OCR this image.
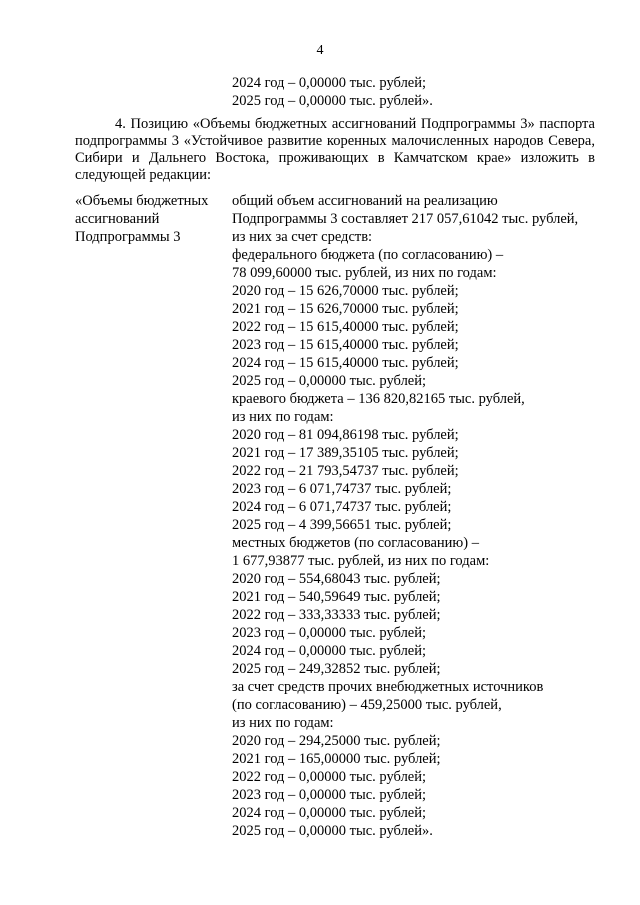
4
2024 год – 0,00000 тыс. рублей;
2025 год – 0,00000 тыс. рублей».
4. Позицию «Объемы бюджетных ассигнований Подпрограммы 3» паспорта подпрограммы 3 «Устойчивое развитие коренных малочисленных народов Севера, Сибири и Дальнего Востока, проживающих в Камчатском крае» изложить в следующей редакции:
«Объемы бюджетных
ассигнований
Подпрограммы 3
общий объем ассигнований на реализацию
Подпрограммы 3 составляет 217 057,61042 тыс. рублей,
из них за счет средств:
федерального бюджета (по согласованию) –
78 099,60000 тыс. рублей, из них по годам:
2020 год – 15 626,70000 тыс. рублей;
2021 год – 15 626,70000 тыс. рублей;
2022 год – 15 615,40000 тыс. рублей;
2023 год – 15 615,40000 тыс. рублей;
2024 год – 15 615,40000 тыс. рублей;
2025 год – 0,00000 тыс. рублей;
краевого бюджета – 136 820,82165 тыс. рублей,
из них по годам:
2020 год – 81 094,86198 тыс. рублей;
2021 год – 17 389,35105 тыс. рублей;
2022 год – 21 793,54737 тыс. рублей;
2023 год – 6 071,74737 тыс. рублей;
2024 год – 6 071,74737 тыс. рублей;
2025 год – 4 399,56651 тыс. рублей;
местных бюджетов (по согласованию) –
1 677,93877 тыс. рублей, из них по годам:
2020 год – 554,68043 тыс. рублей;
2021 год – 540,59649 тыс. рублей;
2022 год – 333,33333 тыс. рублей;
2023 год – 0,00000 тыс. рублей;
2024 год – 0,00000 тыс. рублей;
2025 год – 249,32852 тыс. рублей;
за счет средств прочих внебюджетных источников
(по согласованию) – 459,25000 тыс. рублей,
из них по годам:
2020 год – 294,25000 тыс. рублей;
2021 год – 165,00000 тыс. рублей;
2022 год – 0,00000 тыс. рублей;
2023 год – 0,00000 тыс. рублей;
2024 год – 0,00000 тыс. рублей;
2025 год – 0,00000 тыс. рублей».
